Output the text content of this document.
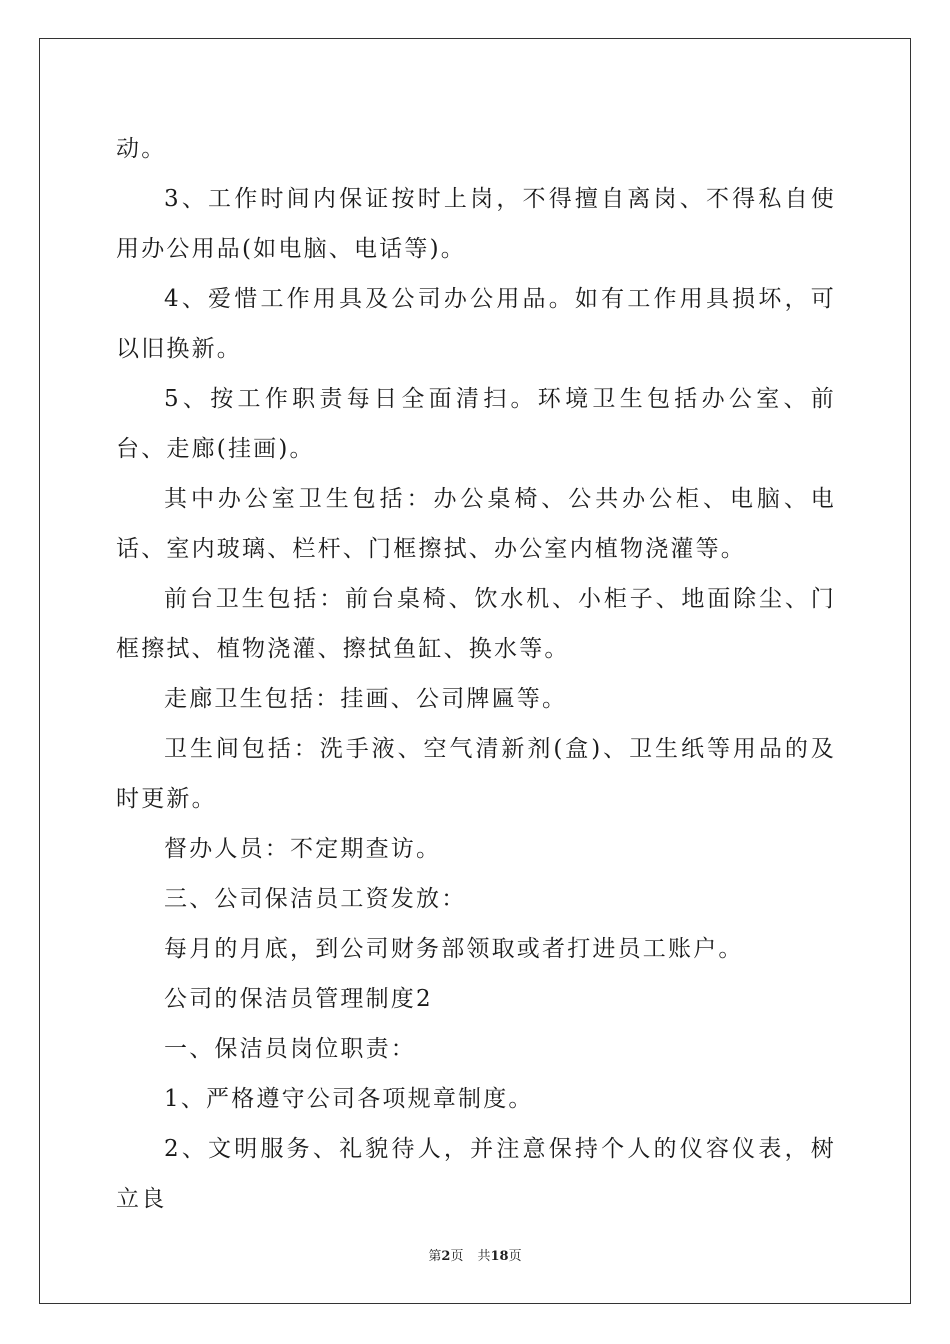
动。

3、工作时间内保证按时上岗，不得擅自离岗、不得私自使用办公用品(如电脑、电话等)。

4、爱惜工作用具及公司办公用品。如有工作用具损坏，可以旧换新。

5、按工作职责每日全面清扫。环境卫生包括办公室、前台、走廊(挂画)。

其中办公室卫生包括：办公桌椅、公共办公柜、电脑、电话、室内玻璃、栏杆、门框擦拭、办公室内植物浇灌等。

前台卫生包括：前台桌椅、饮水机、小柜子、地面除尘、门框擦拭、植物浇灌、擦拭鱼缸、换水等。

走廊卫生包括：挂画、公司牌匾等。

卫生间包括：洗手液、空气清新剂(盒)、卫生纸等用品的及时更新。

督办人员：不定期查访。

三、公司保洁员工资发放：

每月的月底，到公司财务部领取或者打进员工账户。

公司的保洁员管理制度2

一、保洁员岗位职责：

1、严格遵守公司各项规章制度。

2、文明服务、礼貌待人，并注意保持个人的仪容仪表，树立良

第2页 共18页
